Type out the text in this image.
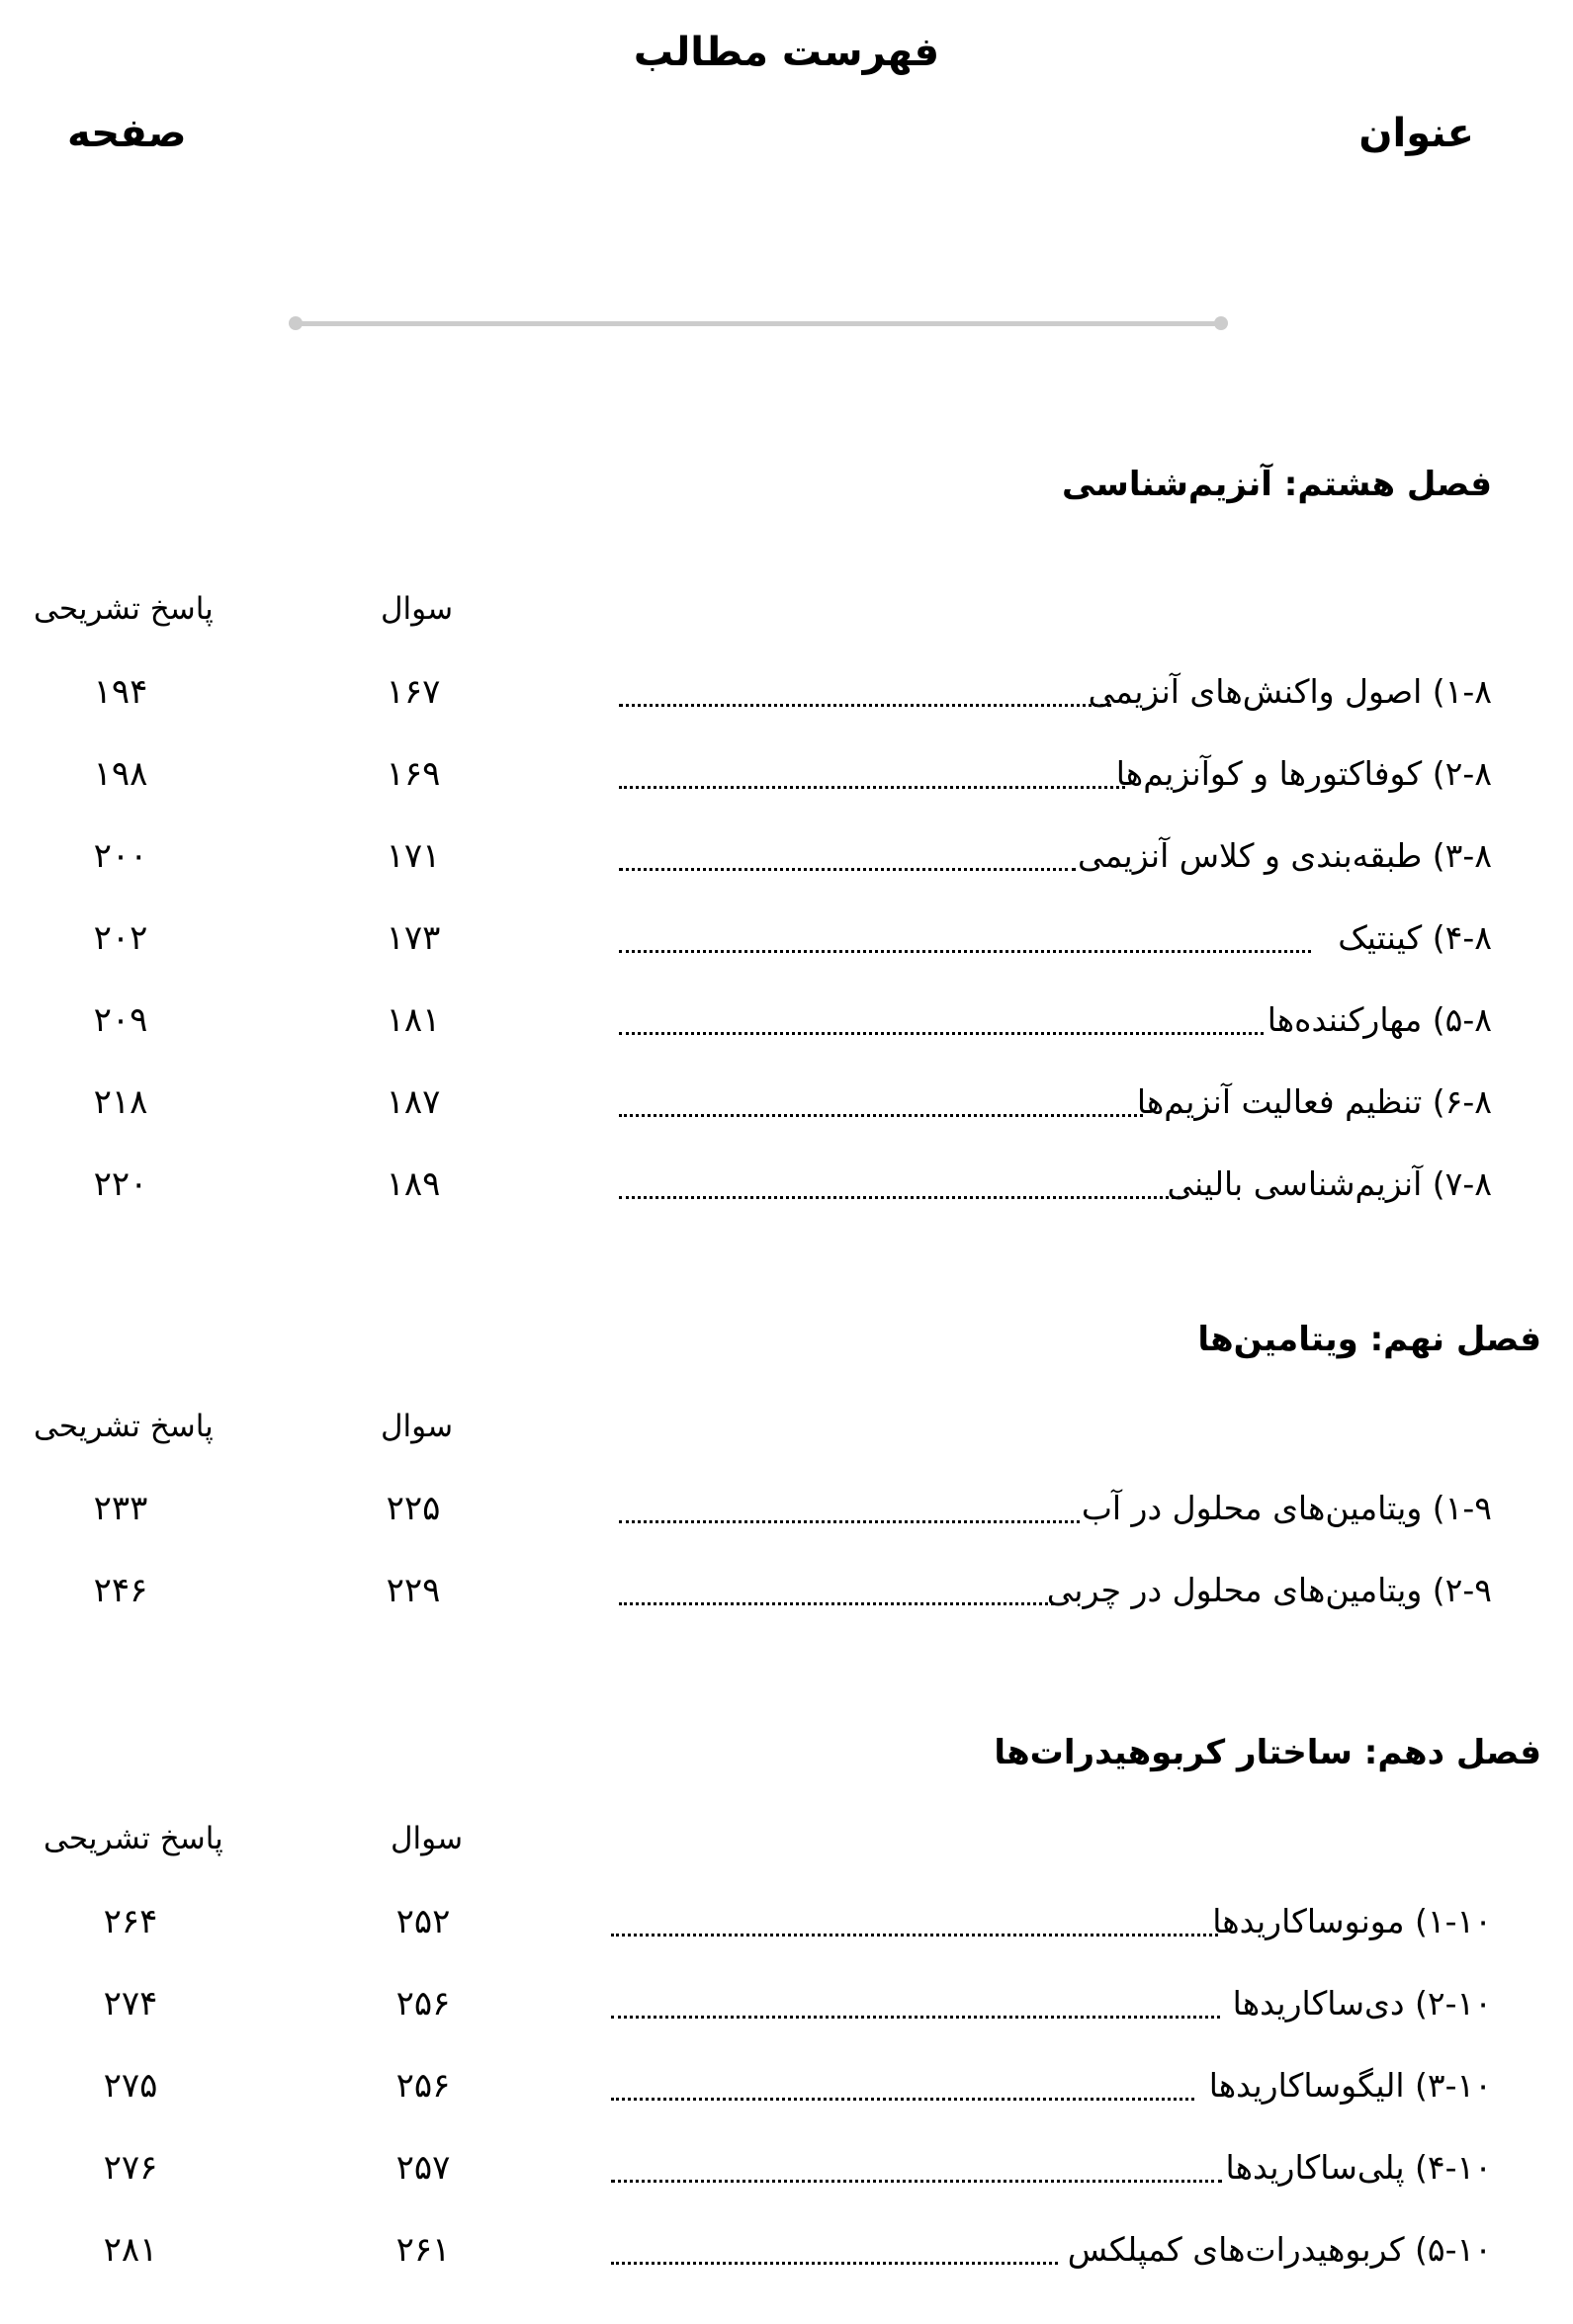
فهرست مطالب
عنوان
صفحه
فصل هشتم: آنزیم‌شناسی
سوال
پاسخ تشریحی
۱-۸) اصول واکنش‌های آنزیمی
۱۶۷
۱۹۴
۲-۸) کوفاکتورها و کوآنزیم‌ها
۱۶۹
۱۹۸
۳-۸) طبقه‌بندی و کلاس آنزیمی
۱۷۱
۲۰۰
۴-۸) کینتیک
۱۷۳
۲۰۲
۵-۸) مهارکننده‌ها
۱۸۱
۲۰۹
۶-۸) تنظیم فعالیت آنزیم‌ها
۱۸۷
۲۱۸
۷-۸) آنزیم‌شناسی بالینی
۱۸۹
۲۲۰
فصل نهم: ویتامین‌ها
سوال
پاسخ تشریحی
۱-۹) ویتامین‌های محلول در آب
۲۲۵
۲۳۳
۲-۹) ویتامین‌های محلول در چربی
۲۲۹
۲۴۶
فصل دهم: ساختار کربوهیدرات‌ها
سوال
پاسخ تشریحی
۱-۱۰) مونوساکاریدها
۲۵۲
۲۶۴
۲-۱۰) دی‌ساکاریدها
۲۵۶
۲۷۴
۳-۱۰) الیگوساکاریدها
۲۵۶
۲۷۵
۴-۱۰) پلی‌ساکاریدها
۲۵۷
۲۷۶
۵-۱۰) کربوهیدرات‌های کمپلکس
۲۶۱
۲۸۱
